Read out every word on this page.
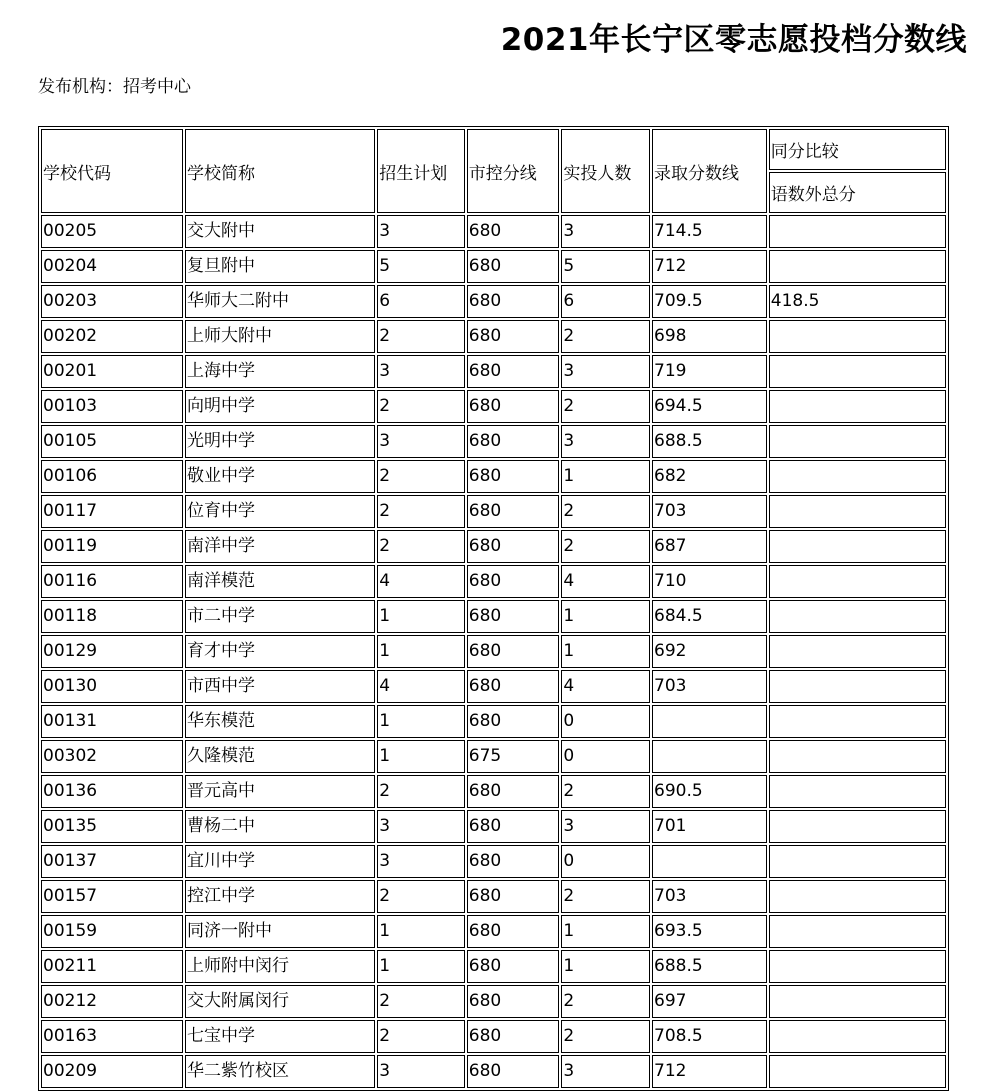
2021年长宁区零志愿投档分数线
发布机构：招考中心
学校代码	学校简称	招生计划	市控分线	实投人数	录取分数线	同分比较
						语数外总分
00205	交大附中	3	680	3	714.5	
00204	复旦附中	5	680	5	712	
00203	华师大二附中	6	680	6	709.5	418.5
00202	上师大附中	2	680	2	698	
00201	上海中学	3	680	3	719	
00103	向明中学	2	680	2	694.5	
00105	光明中学	3	680	3	688.5	
00106	敬业中学	2	680	1	682	
00117	位育中学	2	680	2	703	
00119	南洋中学	2	680	2	687	
00116	南洋模范	4	680	4	710	
00118	市二中学	1	680	1	684.5	
00129	育才中学	1	680	1	692	
00130	市西中学	4	680	4	703	
00131	华东模范	1	680	0		
00302	久隆模范	1	675	0		
00136	晋元高中	2	680	2	690.5	
00135	曹杨二中	3	680	3	701	
00137	宜川中学	3	680	0		
00157	控江中学	2	680	2	703	
00159	同济一附中	1	680	1	693.5	
00211	上师附中闵行	1	680	1	688.5	
00212	交大附属闵行	2	680	2	697	
00163	七宝中学	2	680	2	708.5	
00209	华二紫竹校区	3	680	3	712	
